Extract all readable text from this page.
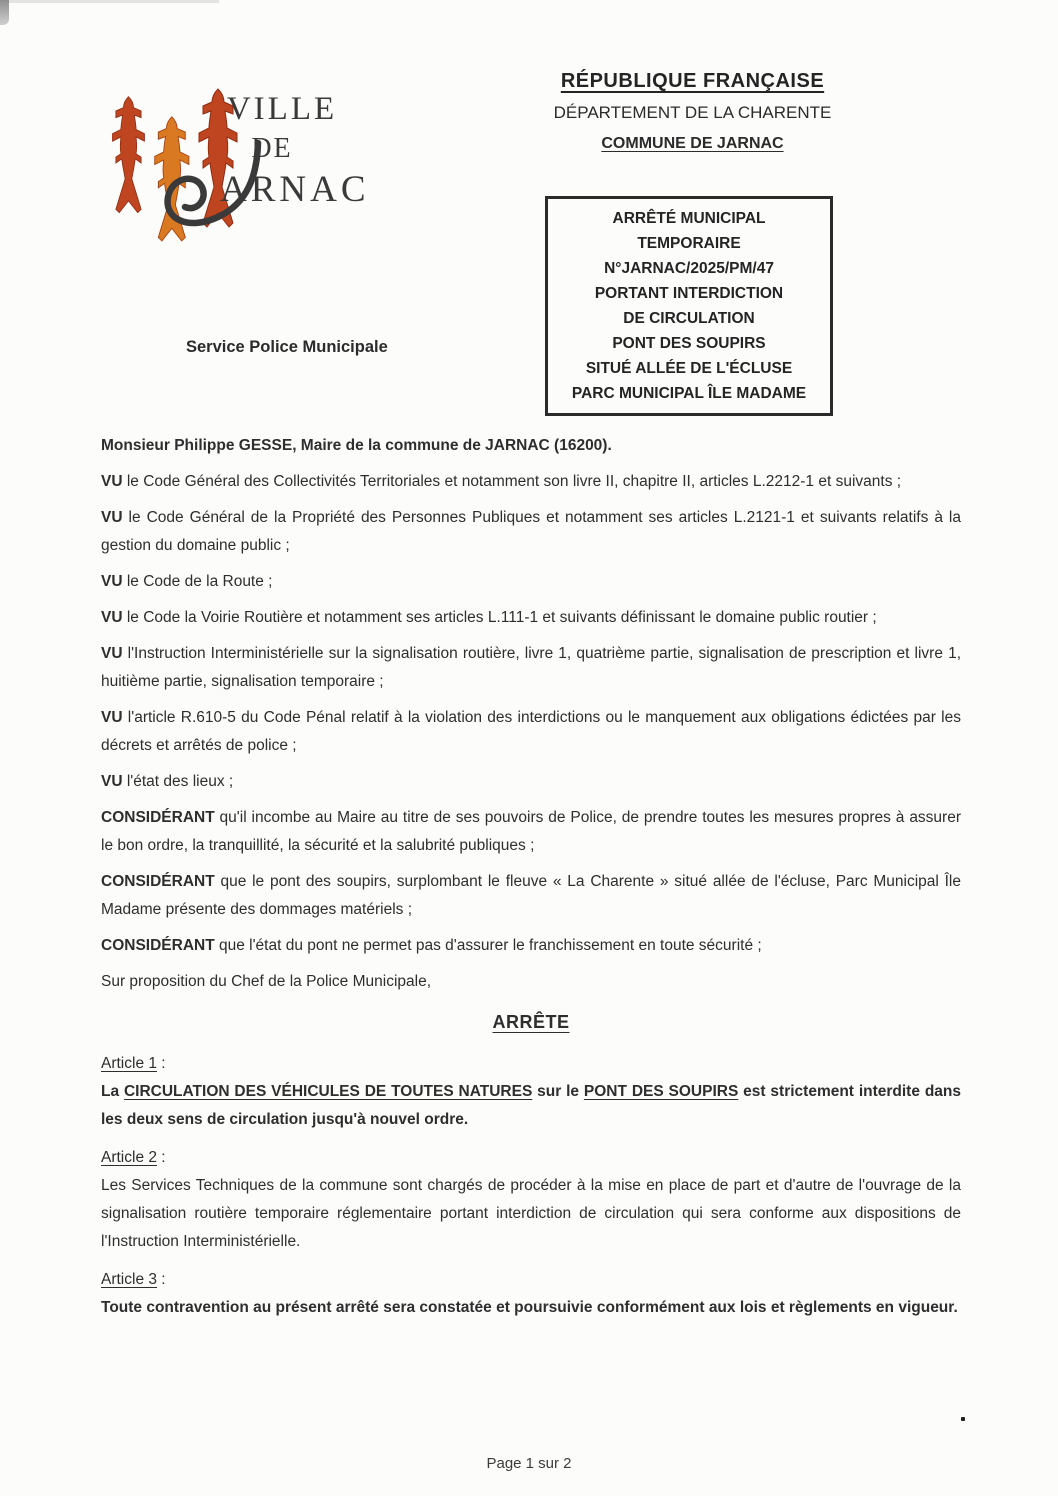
VILLE
DE
ARNAC
RÉPUBLIQUE FRANÇAISE
DÉPARTEMENT DE LA CHARENTE
COMMUNE DE JARNAC
ARRÊTÉ MUNICIPAL
TEMPORAIRE
N°JARNAC/2025/PM/47
PORTANT INTERDICTION
DE CIRCULATION
PONT DES SOUPIRS
SITUÉ ALLÉE DE L'ÉCLUSE
PARC MUNICIPAL ÎLE MADAME
Service Police Municipale

Monsieur Philippe GESSE, Maire de la commune de JARNAC (16200).

VU le Code Général des Collectivités Territoriales et notamment son livre II, chapitre II, articles L.2212-1 et suivants ;

VU le Code Général de la Propriété des Personnes Publiques et notamment ses articles L.2121-1 et suivants relatifs à la gestion du domaine public ;

VU le Code de la Route ;

VU le Code la Voirie Routière et notamment ses articles L.111-1 et suivants définissant le domaine public routier ;

VU l'Instruction Interministérielle sur la signalisation routière, livre 1, quatrième partie, signalisation de prescription et livre 1, huitième partie, signalisation temporaire ;

VU l'article R.610-5 du Code Pénal relatif à la violation des interdictions ou le manquement aux obligations édictées par les décrets et arrêtés de police ;

VU l'état des lieux ;

CONSIDÉRANT qu'il incombe au Maire au titre de ses pouvoirs de Police, de prendre toutes les mesures propres à assurer le bon ordre, la tranquillité, la sécurité et la salubrité publiques ;

CONSIDÉRANT que le pont des soupirs, surplombant le fleuve « La Charente » situé allée de l'écluse, Parc Municipal Île Madame présente des dommages matériels ;

CONSIDÉRANT que l'état du pont ne permet pas d'assurer le franchissement en toute sécurité ;

Sur proposition du Chef de la Police Municipale,

ARRÊTE

Article 1 :

La CIRCULATION DES VÉHICULES DE TOUTES NATURES sur le PONT DES SOUPIRS est strictement interdite dans les deux sens de circulation jusqu'à nouvel ordre.

Article 2 :

Les Services Techniques de la commune sont chargés de procéder à la mise en place de part et d'autre de l'ouvrage de la signalisation routière temporaire réglementaire portant interdiction de circulation qui sera conforme aux dispositions de l'Instruction Interministérielle.

Article 3 :

Toute contravention au présent arrêté sera constatée et poursuivie conformément aux lois et règlements en vigueur.

Page 1 sur 2
